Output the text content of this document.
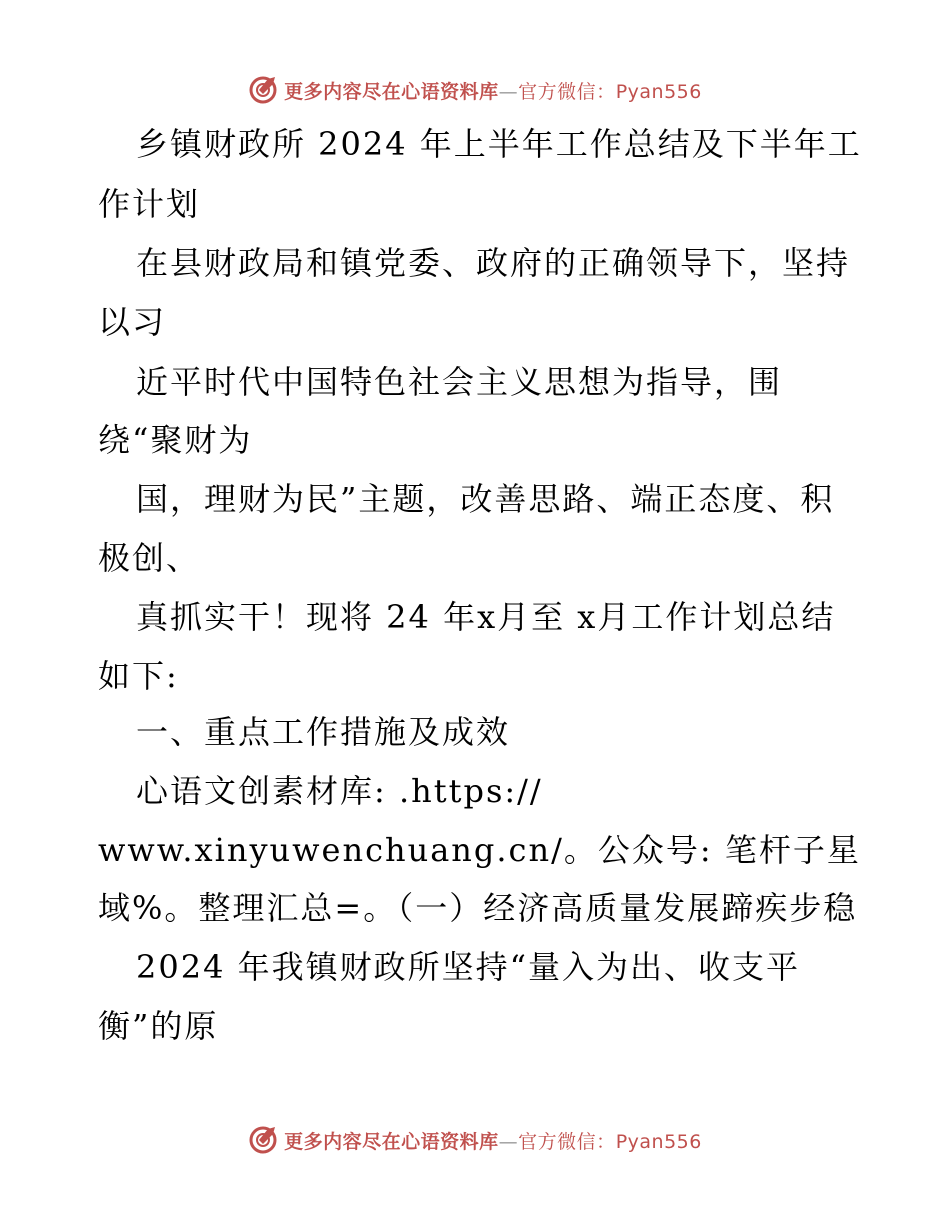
更多内容尽在心语资料库—官方微信：Pyan556
乡镇财政所 2024 年上半年工作总结及下半年工
作计划
在县财政局和镇党委、政府的正确领导下，坚持
以习
近平时代中国特色社会主义思想为指导，围
绕“聚财为
国，理财为民”主题，改善思路、端正态度、积
极创、
真抓实干！现将 24 年x月至 x月工作计划总结
如下:
一、重点工作措施及成效
心语文创素材库: .https://
www.xinyuwenchuang.cn/。公众号: 笔杆子星
域%。整理汇总=。（一）经济高质量发展蹄疾步稳
2024 年我镇财政所坚持“量入为出、收支平
衡”的原
更多内容尽在心语资料库—官方微信：Pyan556
